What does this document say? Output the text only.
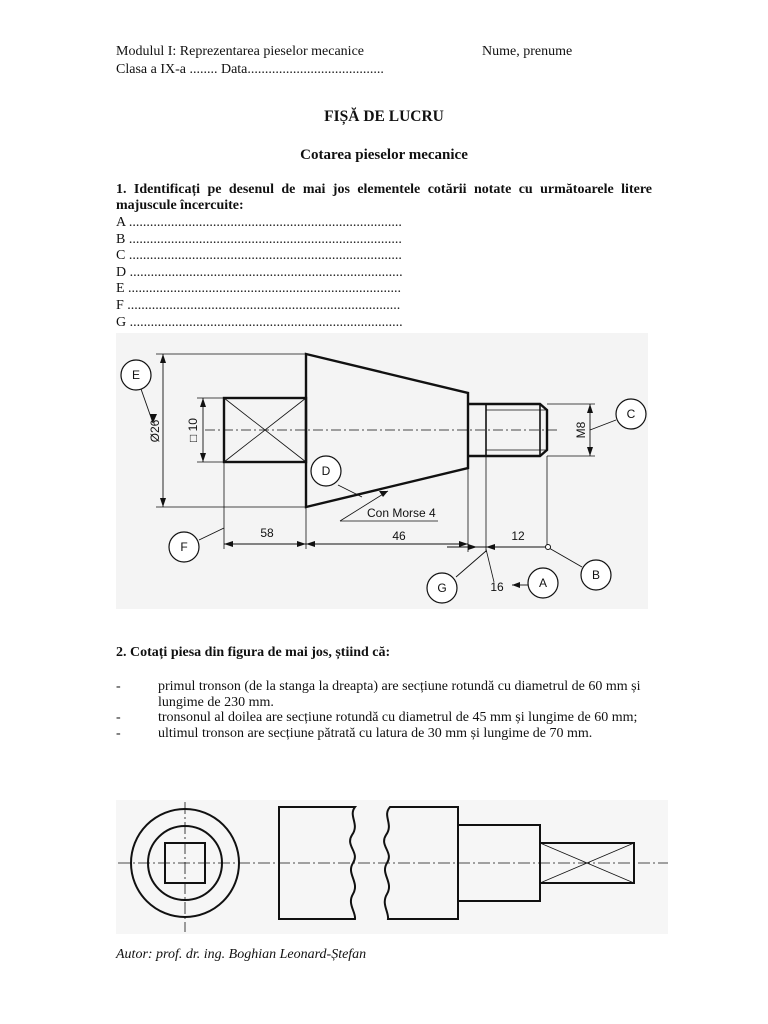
Modulul I: Reprezentarea pieselor mecanice
Clasa a IX-a ........ Data.......................................
Nume, prenume
FIȘĂ DE LUCRU
Cotarea pieselor mecanice
1. Identificați pe desenul de mai jos elementele cotării notate cu următoarele litere majuscule încercuite:
A ..............................................................................
B ..............................................................................
C ..............................................................................
D ..............................................................................
E ..............................................................................
F ..............................................................................
G ..............................................................................
E
D
C
F
G	A
B
Ø26 □ 10	M8
Con Morse 4
58	46	12
16
2. Cotați piesa din figura de mai jos, știind că:
-	primul tronson (de la stanga la dreapta) are secțiune rotundă cu diametrul de 60 mm și lungime de 230 mm.
-	tronsonul al doilea are secțiune rotundă cu diametrul de 45 mm și lungime de 60 mm;
-	ultimul tronson are secțiune pătrată cu latura de 30 mm și lungime de 70 mm.
Autor: prof. dr. ing. Boghian Leonard-Ștefan
